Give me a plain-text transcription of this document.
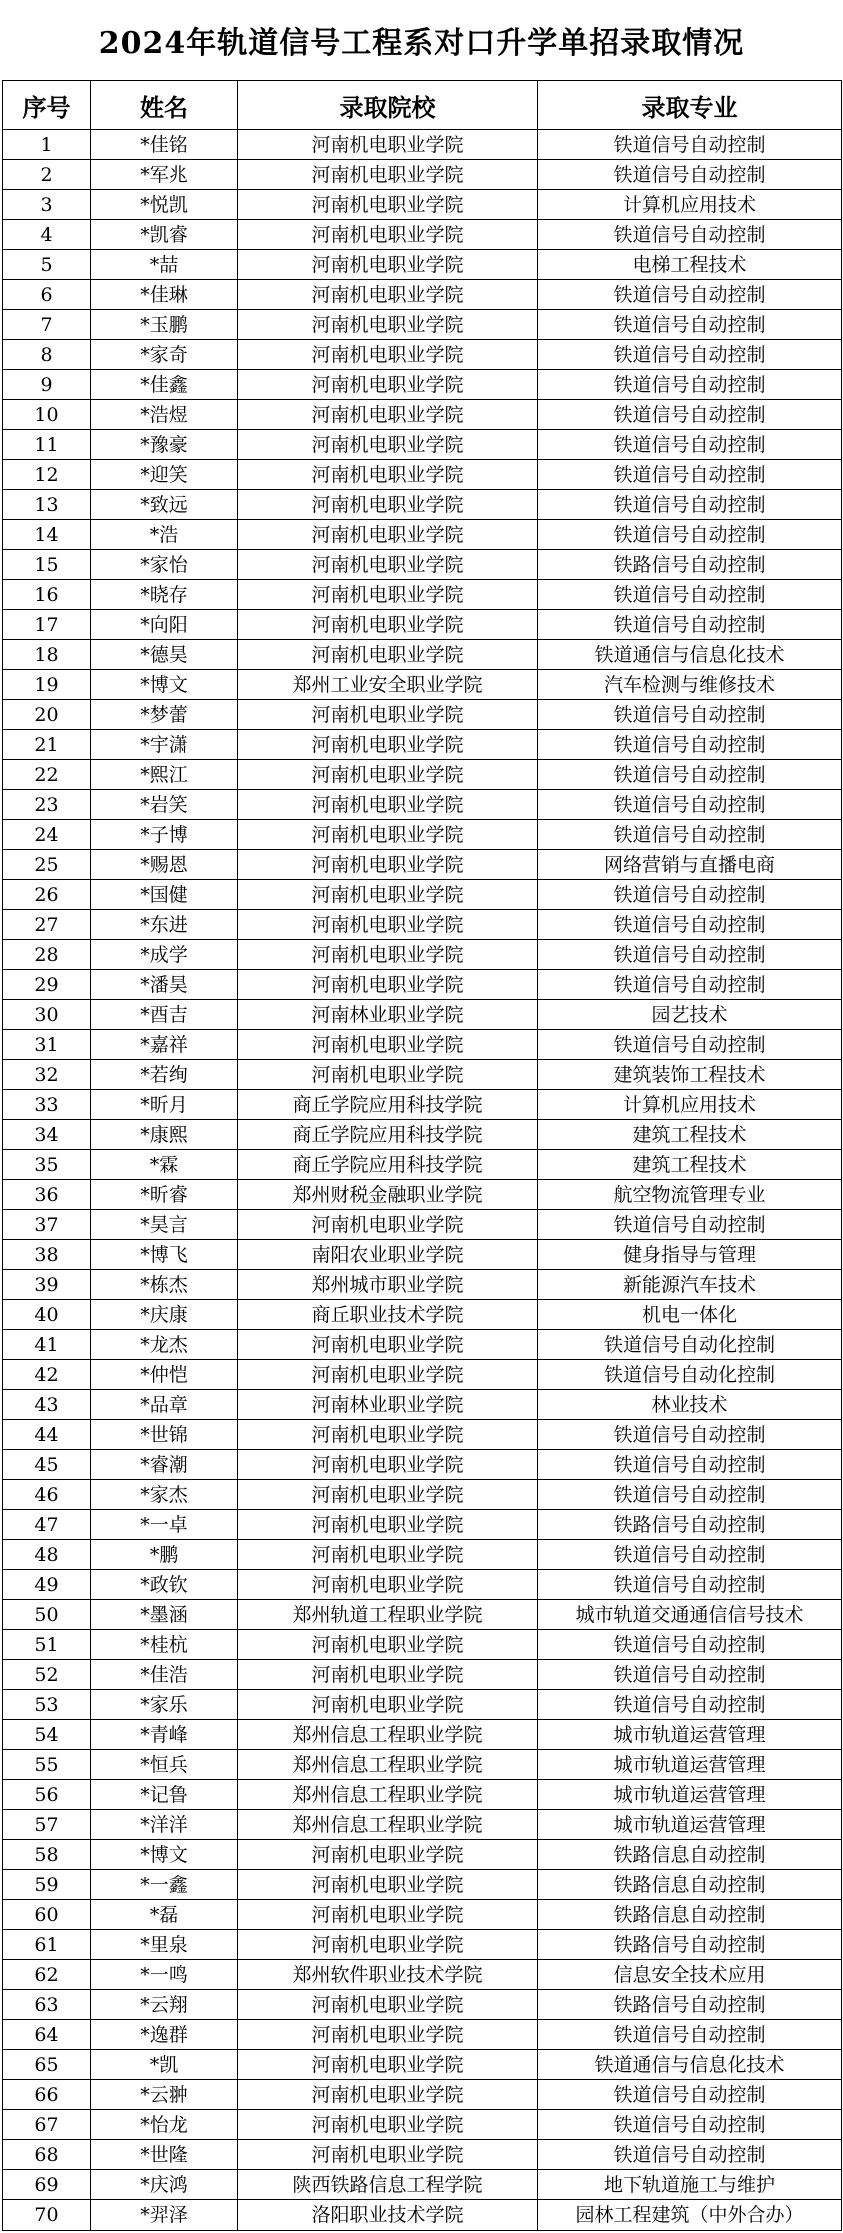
2024年轨道信号工程系对口升学单招录取情况
序号	姓名	录取院校	录取专业
1	*佳铭	河南机电职业学院	铁道信号自动控制
2	*军兆	河南机电职业学院	铁道信号自动控制
3	*悦凯	河南机电职业学院	计算机应用技术
4	*凯睿	河南机电职业学院	铁道信号自动控制
5	*喆	河南机电职业学院	电梯工程技术
6	*佳琳	河南机电职业学院	铁道信号自动控制
7	*玉鹏	河南机电职业学院	铁道信号自动控制
8	*家奇	河南机电职业学院	铁道信号自动控制
9	*佳鑫	河南机电职业学院	铁道信号自动控制
10	*浩煜	河南机电职业学院	铁道信号自动控制
11	*豫豪	河南机电职业学院	铁道信号自动控制
12	*迎笑	河南机电职业学院	铁道信号自动控制
13	*致远	河南机电职业学院	铁道信号自动控制
14	*浩	河南机电职业学院	铁道信号自动控制
15	*家怡	河南机电职业学院	铁路信号自动控制
16	*晓存	河南机电职业学院	铁道信号自动控制
17	*向阳	河南机电职业学院	铁道信号自动控制
18	*德昊	河南机电职业学院	铁道通信与信息化技术
19	*博文	郑州工业安全职业学院	汽车检测与维修技术
20	*梦蕾	河南机电职业学院	铁道信号自动控制
21	*宇潇	河南机电职业学院	铁道信号自动控制
22	*熙江	河南机电职业学院	铁道信号自动控制
23	*岩笑	河南机电职业学院	铁道信号自动控制
24	*子博	河南机电职业学院	铁道信号自动控制
25	*赐恩	河南机电职业学院	网络营销与直播电商
26	*国健	河南机电职业学院	铁道信号自动控制
27	*东进	河南机电职业学院	铁道信号自动控制
28	*成学	河南机电职业学院	铁道信号自动控制
29	*潘昊	河南机电职业学院	铁道信号自动控制
30	*酉吉	河南林业职业学院	园艺技术
31	*嘉祥	河南机电职业学院	铁道信号自动控制
32	*若绚	河南机电职业学院	建筑装饰工程技术
33	*昕月	商丘学院应用科技学院	计算机应用技术
34	*康熙	商丘学院应用科技学院	建筑工程技术
35	*霖	商丘学院应用科技学院	建筑工程技术
36	*昕睿	郑州财税金融职业学院	航空物流管理专业
37	*昊言	河南机电职业学院	铁道信号自动控制
38	*博飞	南阳农业职业学院	健身指导与管理
39	*栋杰	郑州城市职业学院	新能源汽车技术
40	*庆康	商丘职业技术学院	机电一体化
41	*龙杰	河南机电职业学院	铁道信号自动化控制
42	*仲恺	河南机电职业学院	铁道信号自动化控制
43	*品章	河南林业职业学院	林业技术
44	*世锦	河南机电职业学院	铁道信号自动控制
45	*睿潮	河南机电职业学院	铁道信号自动控制
46	*家杰	河南机电职业学院	铁道信号自动控制
47	*一卓	河南机电职业学院	铁路信号自动控制
48	*鹏	河南机电职业学院	铁道信号自动控制
49	*政钦	河南机电职业学院	铁道信号自动控制
50	*墨涵	郑州轨道工程职业学院	城市轨道交通通信信号技术
51	*桂杭	河南机电职业学院	铁道信号自动控制
52	*佳浩	河南机电职业学院	铁道信号自动控制
53	*家乐	河南机电职业学院	铁道信号自动控制
54	*青峰	郑州信息工程职业学院	城市轨道运营管理
55	*恒兵	郑州信息工程职业学院	城市轨道运营管理
56	*记鲁	郑州信息工程职业学院	城市轨道运营管理
57	*洋洋	郑州信息工程职业学院	城市轨道运营管理
58	*博文	河南机电职业学院	铁路信息自动控制
59	*一鑫	河南机电职业学院	铁路信息自动控制
60	*磊	河南机电职业学院	铁路信息自动控制
61	*里泉	河南机电职业学院	铁路信号自动控制
62	*一鸣	郑州软件职业技术学院	信息安全技术应用
63	*云翔	河南机电职业学院	铁路信号自动控制
64	*逸群	河南机电职业学院	铁道信号自动控制
65	*凯	河南机电职业学院	铁道通信与信息化技术
66	*云翀	河南机电职业学院	铁道信号自动控制
67	*怡龙	河南机电职业学院	铁道信号自动控制
68	*世隆	河南机电职业学院	铁道信号自动控制
69	*庆鸿	陕西铁路信息工程学院	地下轨道施工与维护
70	*羿泽	洛阳职业技术学院	园林工程建筑（中外合办）
